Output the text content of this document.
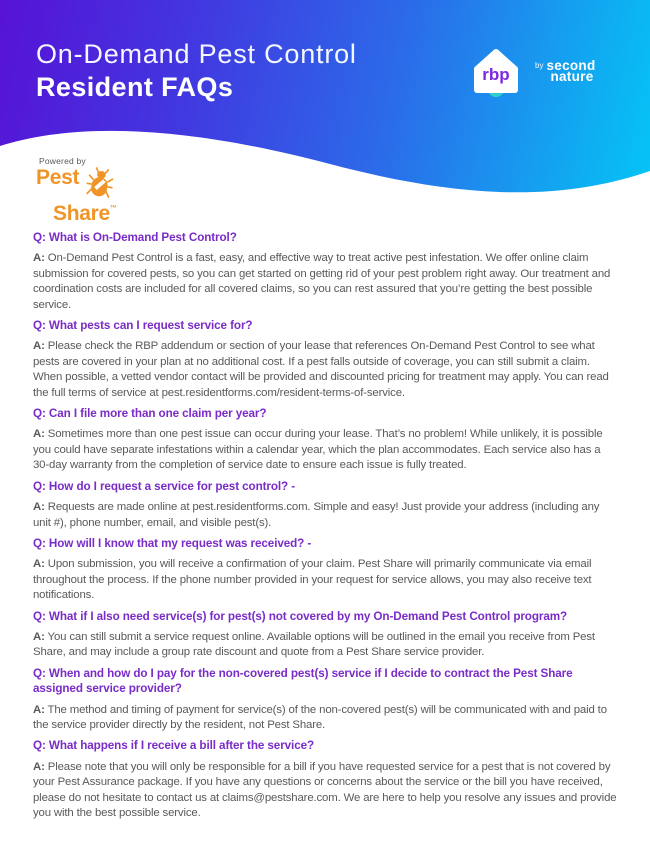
On-Demand Pest Control
Resident FAQs	rbp	by second
nature
Powered by
Pest
Share™

Q: What is On-Demand Pest Control?

A: On-Demand Pest Control is a fast, easy, and effective way to treat active pest infestation. We offer online claim submission for covered pests, so you can get started on getting rid of your pest problem right away. Our treatment and coordination costs are included for all covered claims, so you can rest assured that you’re getting the best possible service.

Q: What pests can I request service for?

A: Please check the RBP addendum or section of your lease that references On-Demand Pest Control to see what pests are covered in your plan at no additional cost. If a pest falls outside of coverage, you can still submit a claim. When possible, a vetted vendor contact will be provided and discounted pricing for treatment may apply. You can read the full terms of service at pest.residentforms.com/resident-terms-of-service.

Q: Can I file more than one claim per year?

A: Sometimes more than one pest issue can occur during your lease. That’s no problem! While unlikely, it is possible you could have separate infestations within a calendar year, which the plan accommodates. Each service also has a 30-day warranty from the completion of service date to ensure each issue is fully treated.

Q: How do I request a service for pest control? -

A: Requests are made online at pest.residentforms.com. Simple and easy! Just provide your address (including any unit #), phone number, email, and visible pest(s).

Q: How will I know that my request was received? -

A: Upon submission, you will receive a confirmation of your claim. Pest Share will primarily communicate via email throughout the process. If the phone number provided in your request for service allows, you may also receive text notifications.

Q: What if I also need service(s) for pest(s) not covered by my On-Demand Pest Control program?

A: You can still submit a service request online. Available options will be outlined in the email you receive from Pest Share, and may include a group rate discount and quote from a Pest Share service provider.

Q: When and how do I pay for the non-covered pest(s) service if I decide to contract the Pest Share assigned service provider?

A: The method and timing of payment for service(s) of the non-covered pest(s) will be communicated with and paid to the service provider directly by the resident, not Pest Share.

Q: What happens if I receive a bill after the service?

A: Please note that you will only be responsible for a bill if you have requested service for a pest that is not covered by your Pest Assurance package. If you have any questions or concerns about the service or the bill you have received, please do not hesitate to contact us at claims@pestshare.com. We are here to help you resolve any issues and provide you with the best possible service.
